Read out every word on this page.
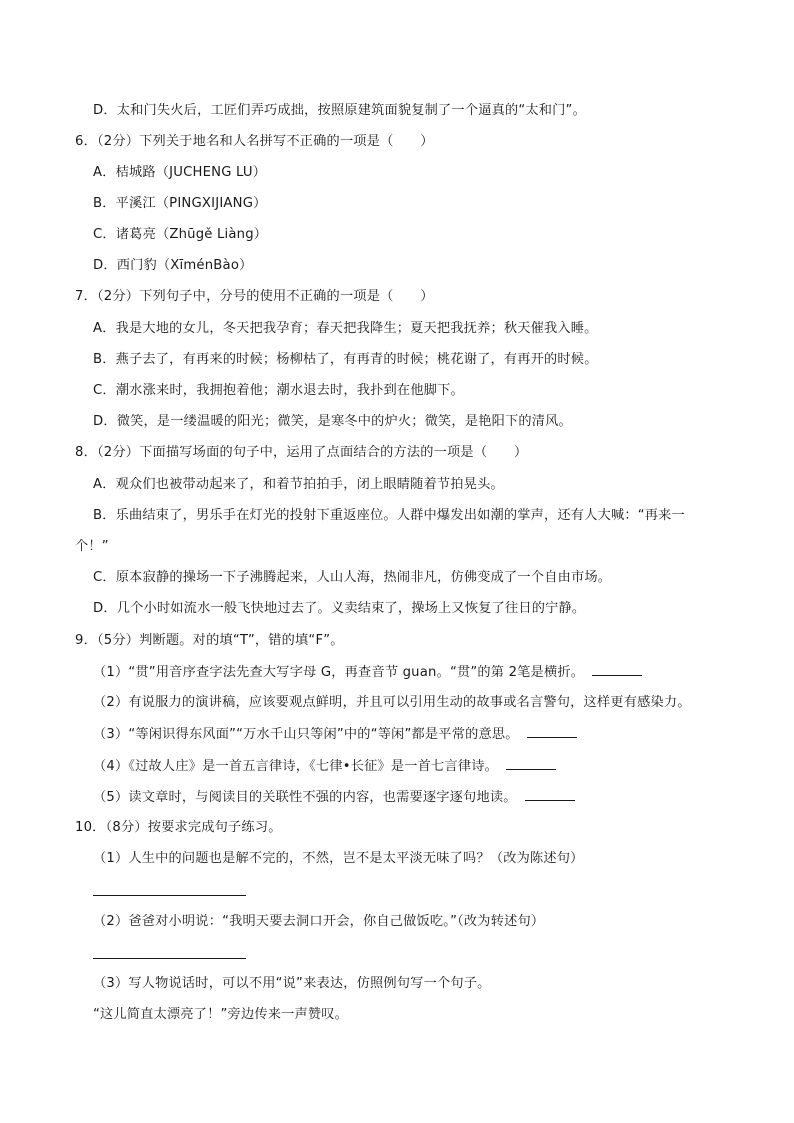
D．太和门失火后，工匠们弄巧成拙，按照原建筑面貌复制了一个逼真的“太和门”。
6．（2分）下列关于地名和人名拼写不正确的一项是（　　）
A．桔城路（JUCHENG LU）
B．平溪江（PINGXIJIANG）
C．诸葛亮（Zhūgě Liàng）
D．西门豹（XīménBào）
7．（2分）下列句子中，分号的使用不正确的一项是（　　）
A．我是大地的女儿，冬天把我孕育；春天把我降生；夏天把我抚养；秋天催我入睡。
B．燕子去了，有再来的时候；杨柳枯了，有再青的时候；桃花谢了，有再开的时候。
C．潮水涨来时，我拥抱着他；潮水退去时，我扑到在他脚下。
D．微笑，是一缕温暖的阳光；微笑，是寒冬中的炉火；微笑，是艳阳下的清风。
8．（2分）下面描写场面的句子中，运用了点面结合的方法的一项是（　　）
A．观众们也被带动起来了，和着节拍拍手，闭上眼睛随着节拍晃头。
B．乐曲结束了，男乐手在灯光的投射下重返座位。人群中爆发出如潮的掌声，还有人大喊：“再来一
个！”
C．原本寂静的操场一下子沸腾起来，人山人海，热闹非凡，仿佛变成了一个自由市场。
D．几个小时如流水一般飞快地过去了。义卖结束了，操场上又恢复了往日的宁静。
9．（5分）判断题。对的填“T”，错的填“F”。
（1）“贯”用音序查字法先查大写字母 G，再查音节 guan。“贯”的第 2笔是横折。
（2）有说服力的演讲稿，应该要观点鲜明，并且可以引用生动的故事或名言警句，这样更有感染力。
（3）“等闲识得东风面”“万水千山只等闲”中的“等闲”都是平常的意思。
（4）《过故人庄》是一首五言律诗，《七律•长征》是一首七言律诗。
（5）读文章时，与阅读目的关联性不强的内容，也需要逐字逐句地读。
10．（8分）按要求完成句子练习。
（1）人生中的问题也是解不完的，不然，岂不是太平淡无味了吗？（改为陈述句）
（2）爸爸对小明说：“我明天要去洞口开会，你自己做饭吃。”（改为转述句）
（3）写人物说话时，可以不用“说”来表达，仿照例句写一个句子。
“这儿简直太漂亮了！”旁边传来一声赞叹。
